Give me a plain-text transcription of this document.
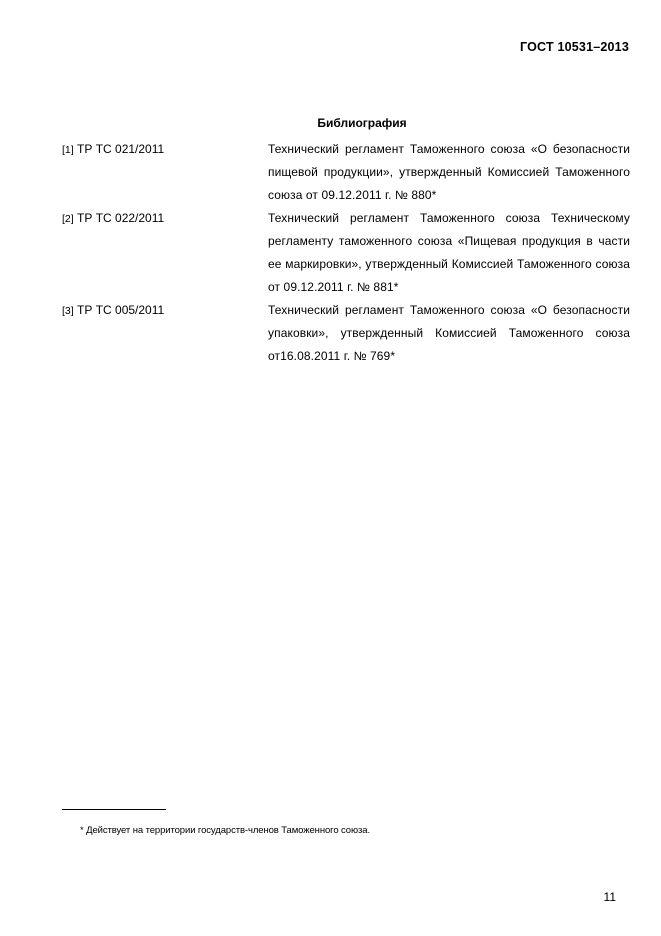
ГОСТ 10531–2013
Библиография
[1] ТР ТС 021/2011	Технический регламент Таможенного союза «О безопасности пищевой продукции», утвержденный Комиссией Таможенного союза от 09.12.2011 г. № 880*
[2] ТР ТС 022/2011	Технический регламент Таможенного союза Техническому регламенту таможенного союза «Пищевая продукция в части ее маркировки», утвержденный Комиссией Таможенного союза от 09.12.2011 г. № 881*
[3] ТР ТС 005/2011	Технический регламент Таможенного союза «О безопасности упаковки», утвержденный Комиссией Таможенного союза от16.08.2011 г. № 769*
* Действует на территории государств-членов Таможенного союза.
11
